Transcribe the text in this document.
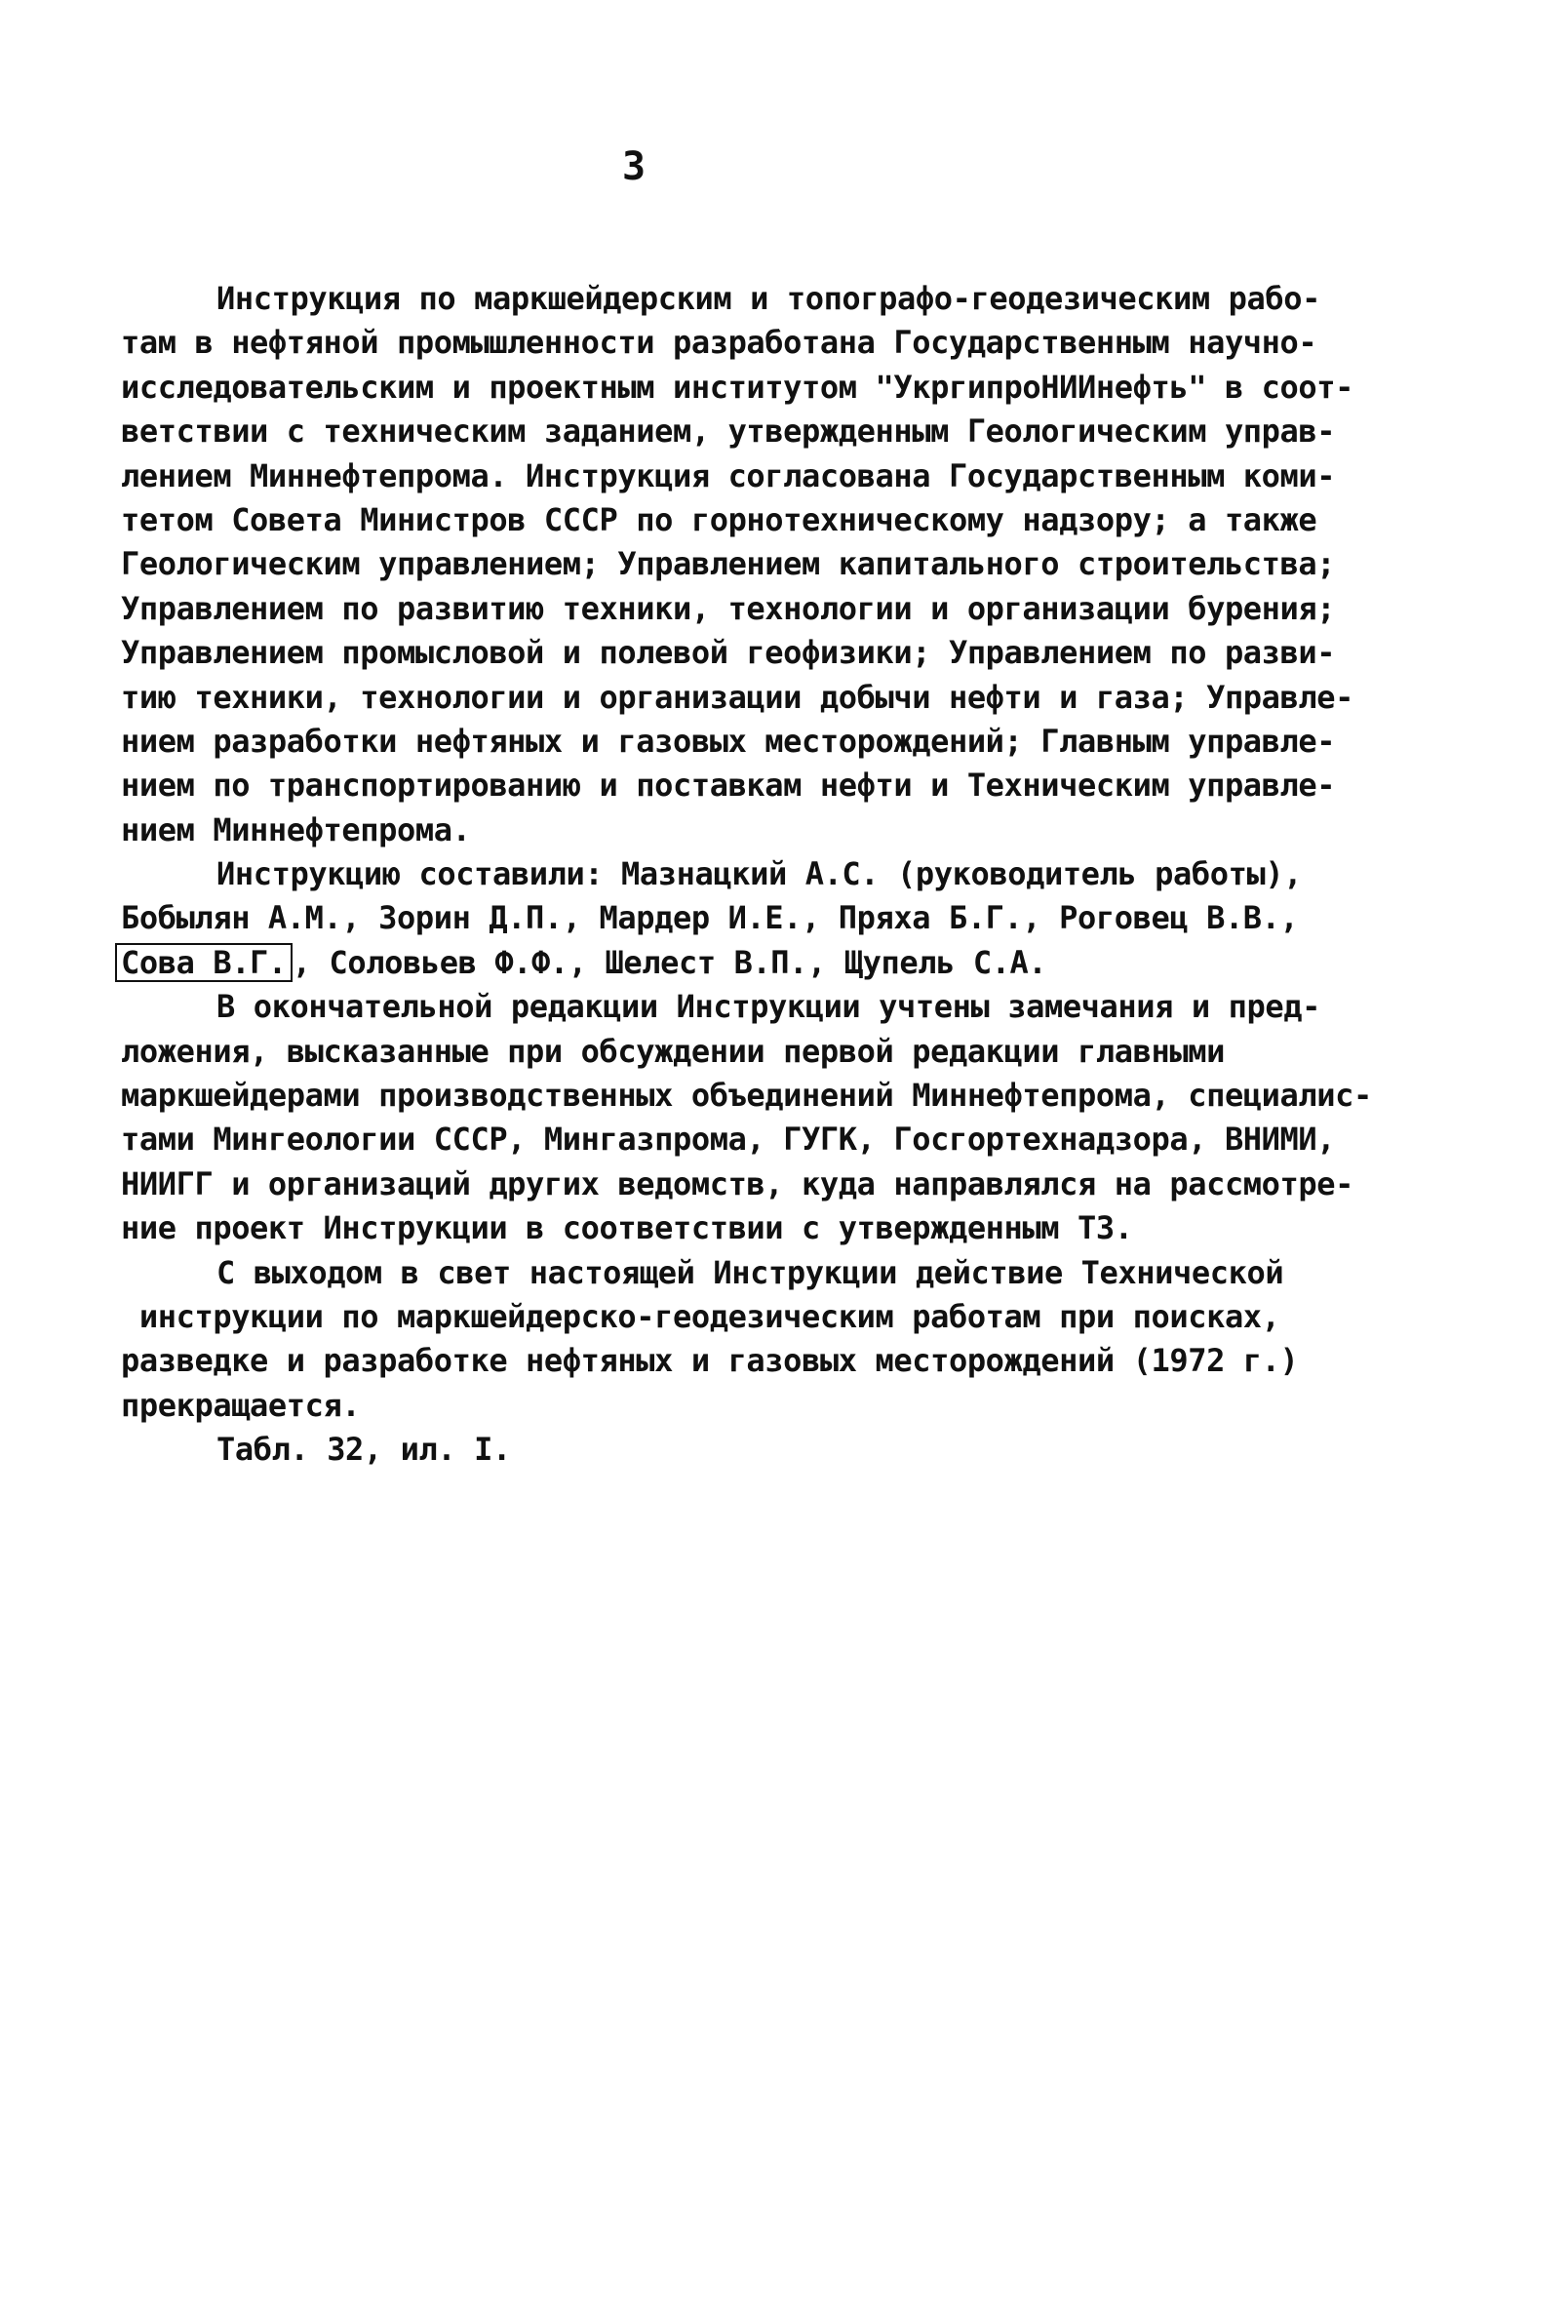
3
Инструкция по маркшейдерским и топографо-геодезическим рабо-
там в нефтяной промышленности разработана Государственным научно-
исследовательским и проектным институтом "УкргипроНИИнефть" в соот-
ветствии с техническим заданием, утвержденным Геологическим управ-
лением Миннефтепрома. Инструкция согласована Государственным коми-
тетом Совета Министров СССР по горнотехническому надзору; а также
Геологическим управлением; Управлением капитального строительства;
Управлением по развитию техники, технологии и организации бурения;
Управлением промысловой и полевой геофизики; Управлением по разви-
тию техники, технологии и организации добычи нефти и газа; Управле-
нием разработки нефтяных и газовых месторождений; Главным управле-
нием по транспортированию и поставкам нефти и Техническим управле-
нием Миннефтепрома.
Инструкцию составили: Мазнацкий А.С. (руководитель работы),
Бобылян А.М., Зорин Д.П., Мардер И.Е., Пряха Б.Г., Роговец В.В.,
Сова В.Г. , Соловьев Ф.Ф., Шелест В.П., Щупель С.А.
В окончательной редакции Инструкции учтены замечания и пред-
ложения, высказанные при обсуждении первой редакции главными
маркшейдерами производственных объединений Миннефтепрома, специалис-
тами Мингеологии СССР, Мингазпрома, ГУГК, Госгортехнадзора, ВНИМИ,
НИИГГ и организаций других ведомств, куда направлялся на рассмотре-
ние проект Инструкции в соответствии с утвержденным ТЗ.
С выходом в свет настоящей Инструкции действие Технической
инструкции по маркшейдерско-геодезическим работам при поисках,
разведке и разработке нефтяных и газовых месторождений (1972 г.)
прекращается.
Табл. 32, ил. I.
